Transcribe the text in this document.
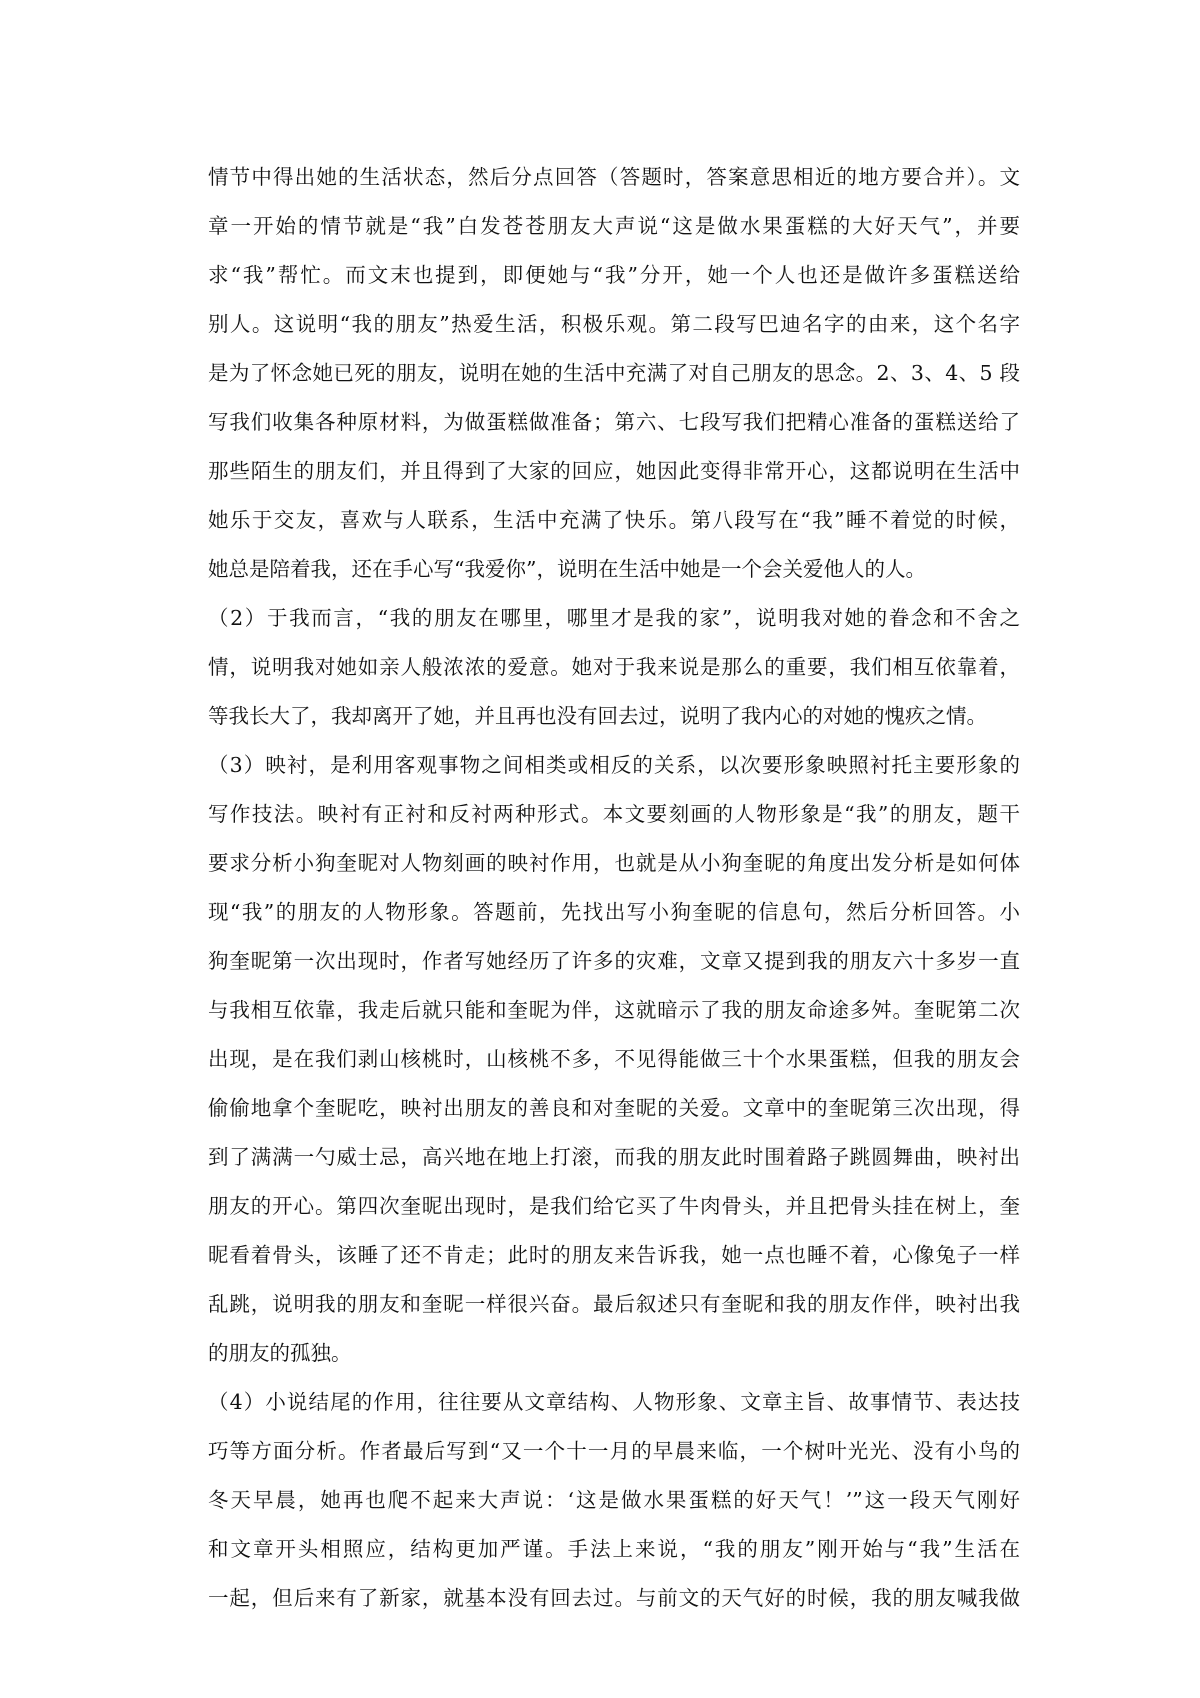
情节中得出她的生活状态，然后分点回答（答题时，答案意思相近的地方要合并）。文
章一开始的情节就是“我”白发苍苍朋友大声说“这是做水果蛋糕的大好天气”，并要
求“我”帮忙。而文末也提到，即便她与“我”分开，她一个人也还是做许多蛋糕送给
别人。这说明“我的朋友”热爱生活，积极乐观。第二段写巴迪名字的由来，这个名字
是为了怀念她已死的朋友，说明在她的生活中充满了对自己朋友的思念。2、3、4、5 段
写我们收集各种原材料，为做蛋糕做准备；第六、七段写我们把精心准备的蛋糕送给了
那些陌生的朋友们，并且得到了大家的回应，她因此变得非常开心，这都说明在生活中
她乐于交友，喜欢与人联系，生活中充满了快乐。第八段写在“我”睡不着觉的时候，
她总是陪着我，还在手心写“我爱你”，说明在生活中她是一个会关爱他人的人。
（2）于我而言，“我的朋友在哪里，哪里才是我的家”，说明我对她的眷念和不舍之
情，说明我对她如亲人般浓浓的爱意。她对于我来说是那么的重要，我们相互依靠着，
等我长大了，我却离开了她，并且再也没有回去过，说明了我内心的对她的愧疚之情。
（3）映衬，是利用客观事物之间相类或相反的关系，以次要形象映照衬托主要形象的
写作技法。映衬有正衬和反衬两种形式。本文要刻画的人物形象是“我”的朋友，题干
要求分析小狗奎昵对人物刻画的映衬作用，也就是从小狗奎昵的角度出发分析是如何体
现“我”的朋友的人物形象。答题前，先找出写小狗奎昵的信息句，然后分析回答。小
狗奎昵第一次出现时，作者写她经历了许多的灾难，文章又提到我的朋友六十多岁一直
与我相互依靠，我走后就只能和奎昵为伴，这就暗示了我的朋友命途多舛。奎昵第二次
出现，是在我们剥山核桃时，山核桃不多，不见得能做三十个水果蛋糕，但我的朋友会
偷偷地拿个奎昵吃，映衬出朋友的善良和对奎昵的关爱。文章中的奎昵第三次出现，得
到了满满一勺威士忌，高兴地在地上打滚，而我的朋友此时围着路子跳圆舞曲，映衬出
朋友的开心。第四次奎昵出现时，是我们给它买了牛肉骨头，并且把骨头挂在树上，奎
昵看着骨头，该睡了还不肯走；此时的朋友来告诉我，她一点也睡不着，心像兔子一样
乱跳，说明我的朋友和奎昵一样很兴奋。最后叙述只有奎昵和我的朋友作伴，映衬出我
的朋友的孤独。
（4）小说结尾的作用，往往要从文章结构、人物形象、文章主旨、故事情节、表达技
巧等方面分析。作者最后写到“又一个十一月的早晨来临，一个树叶光光、没有小鸟的
冬天早晨，她再也爬不起来大声说：‘这是做水果蛋糕的好天气！’”这一段天气刚好
和文章开头相照应，结构更加严谨。手法上来说，“我的朋友”刚开始与“我”生活在
一起，但后来有了新家，就基本没有回去过。与前文的天气好的时候，我的朋友喊我做
